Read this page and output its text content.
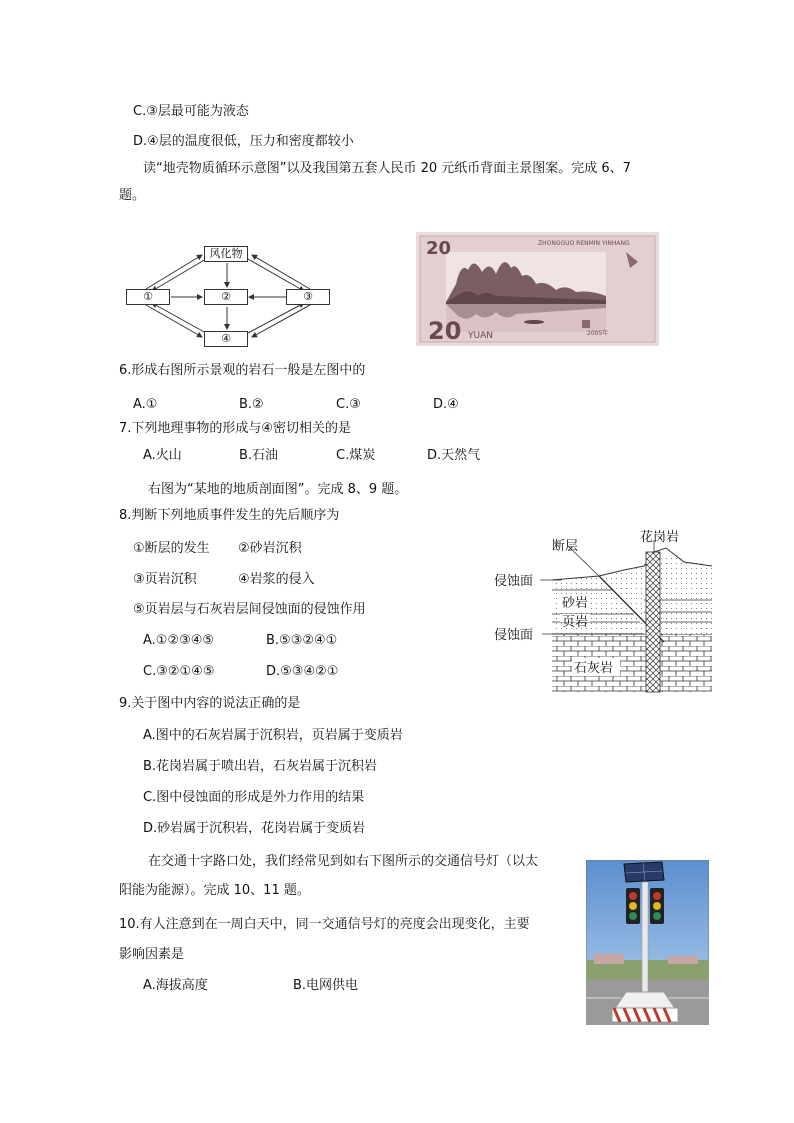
C.③层最可能为液态
D.④层的温度很低，压力和密度都较小
读“地壳物质循环示意图”以及我国第五套人民币 20 元纸币背面主景图案。完成 6、7
题。
风化物
①	②	③
④
20	ZHONGGUO RENMIN YINHANG
20 YUAN	2005年
6.形成右图所示景观的岩石一般是左图中的
A.①	B.②	C.③	D.④
7.下列地理事物的形成与④密切相关的是
A.火山	B.石油	C.煤炭	D.天然气
右图为“某地的地质剖面图”。完成 8、9 题。
8.判断下列地质事件发生的先后顺序为
①断层的发生 ②砂岩沉积
③页岩沉积	④岩浆的侵入
⑤页岩层与石灰岩层间侵蚀面的侵蚀作用
A.①②③④⑤	B.⑤③②④①
C.③②①④⑤	D.⑤③④②①
9.关于图中内容的说法正确的是
A.图中的石灰岩属于沉积岩，页岩属于变质岩
B.花岗岩属于喷出岩，石灰岩属于沉积岩
C.图中侵蚀面的形成是外力作用的结果
D.砂岩属于沉积岩，花岗岩属于变质岩
断层
花岗岩
侵蚀面
砂岩
页岩
侵蚀面
石灰岩
在交通十字路口处，我们经常见到如右下图所示的交通信号灯（以太
阳能为能源）。完成 10、11 题。
10.有人注意到在一周白天中，同一交通信号灯的亮度会出现变化，主要
影响因素是
A.海拔高度	B.电网供电
